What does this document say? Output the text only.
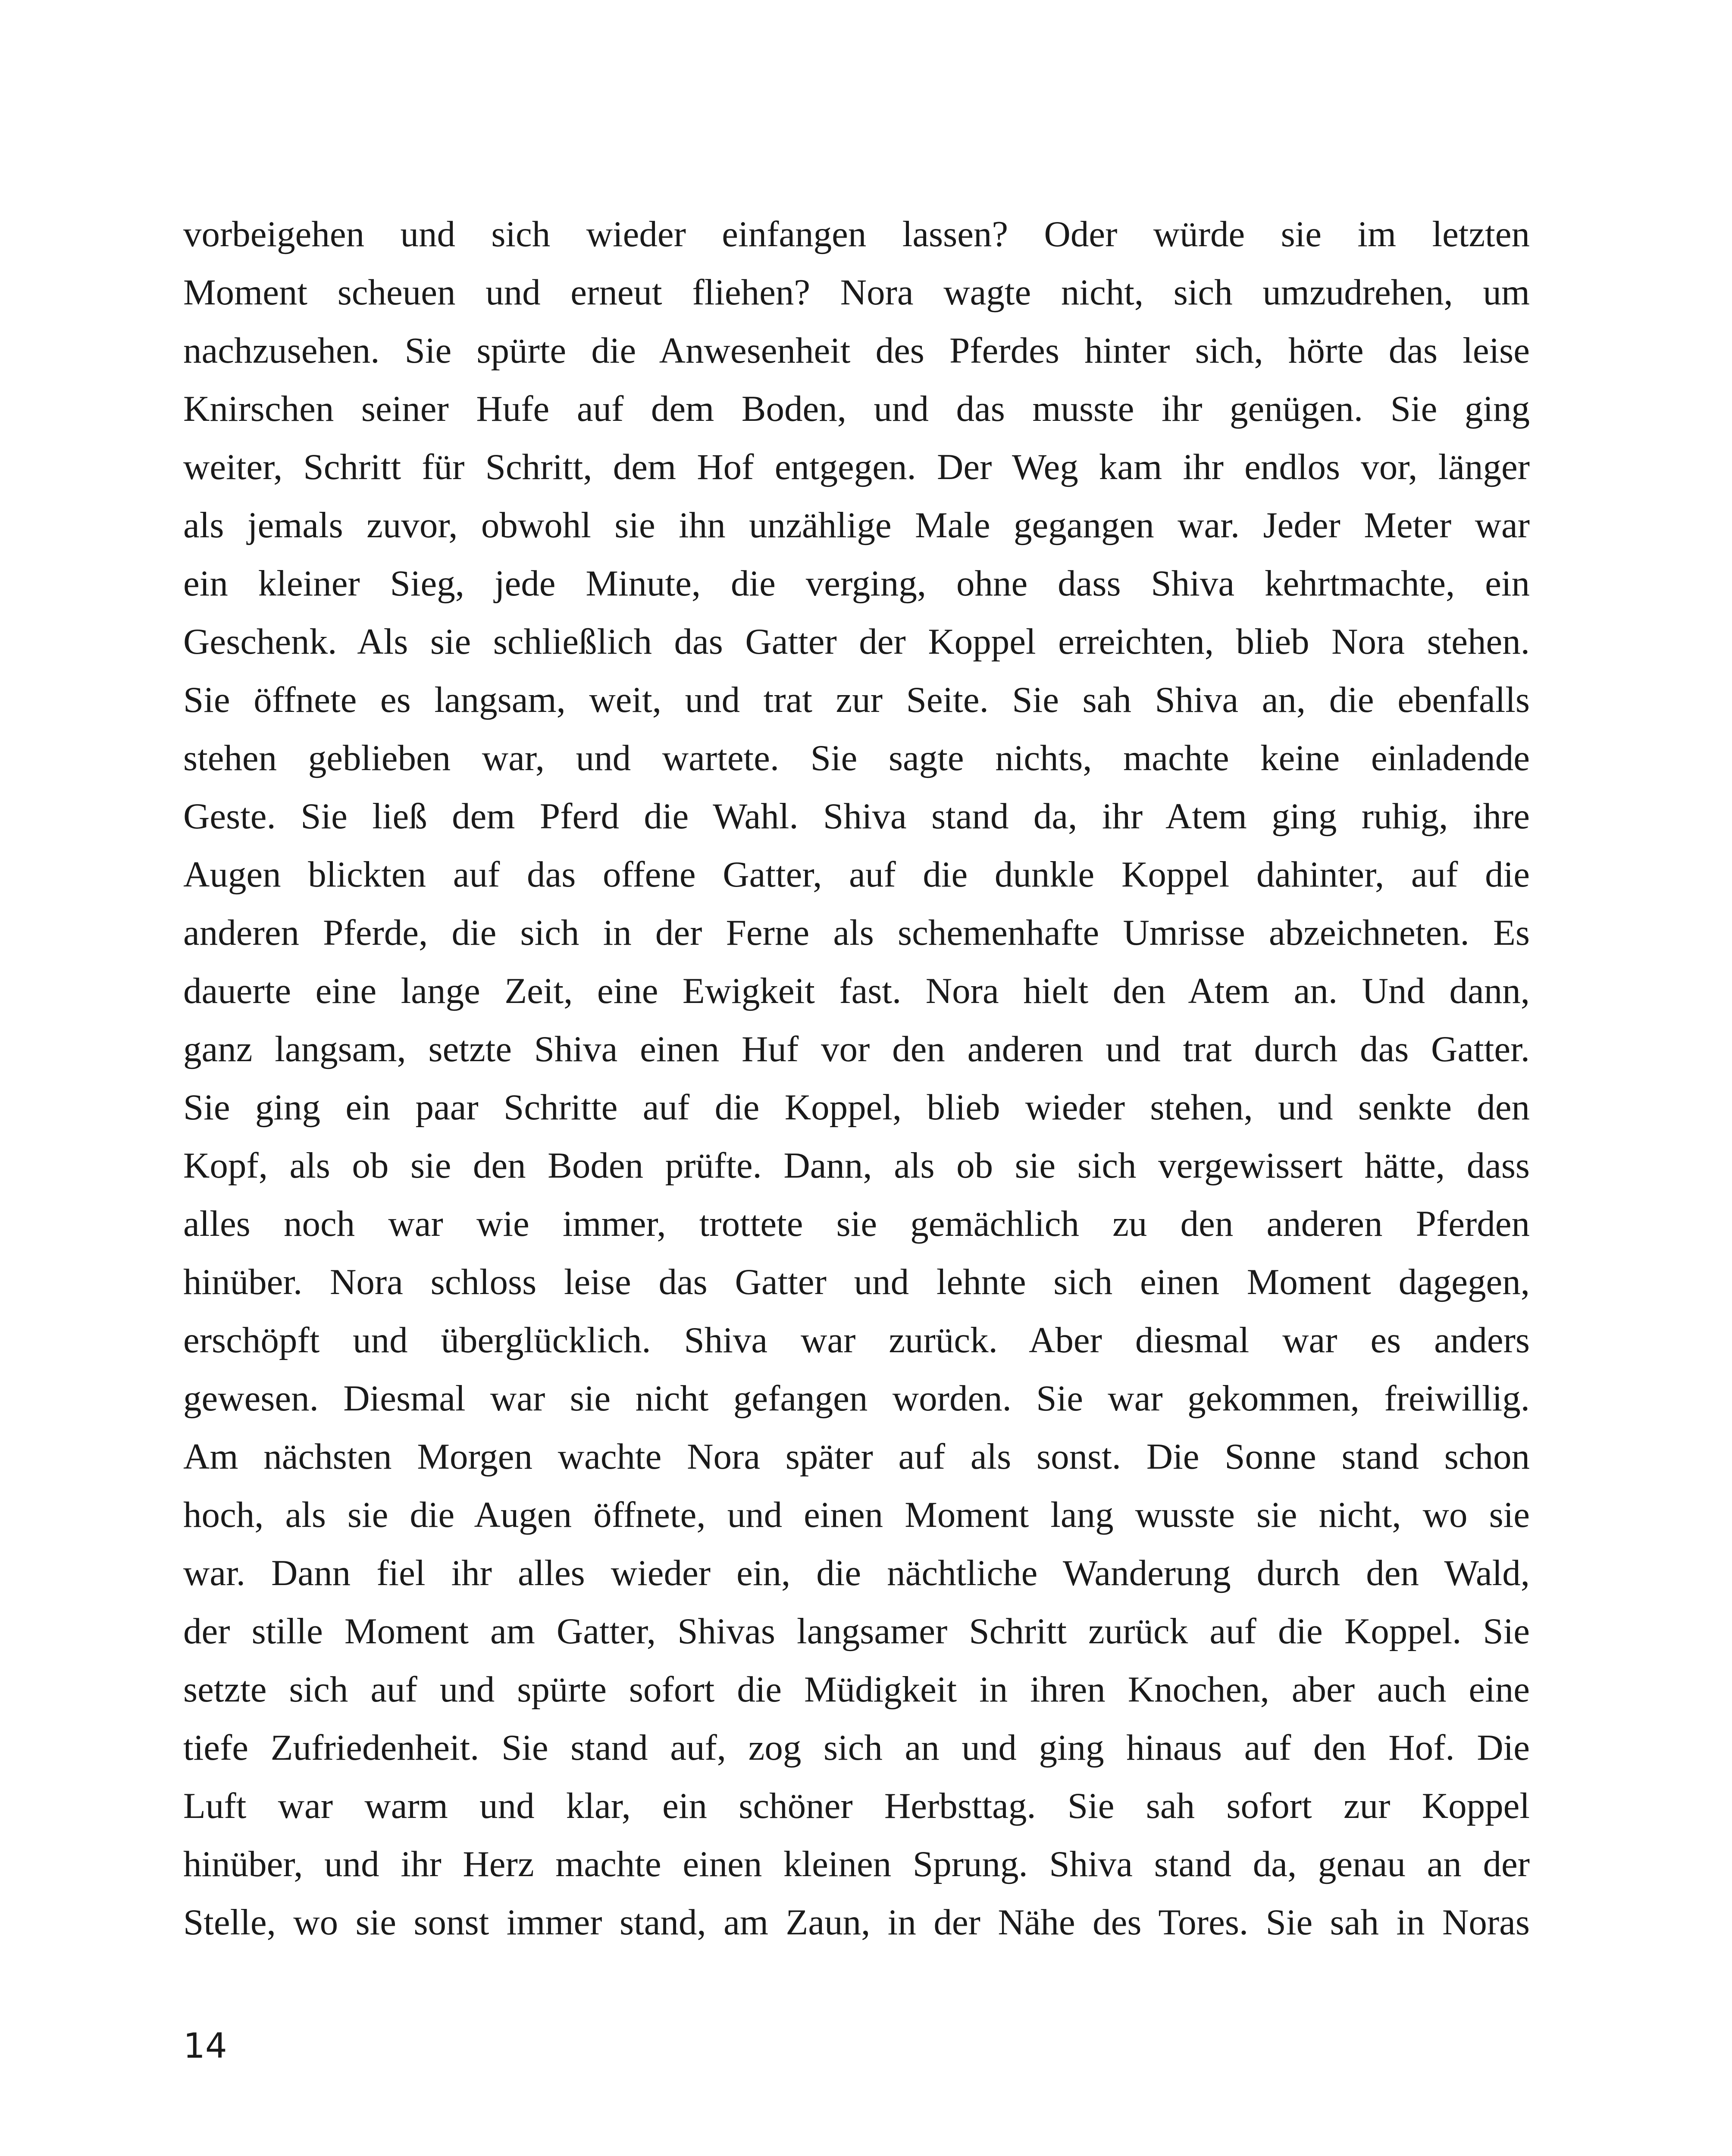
vorbeigehen und sich wieder einfangen lassen? Oder würde sie im letzten
Moment scheuen und erneut fliehen? Nora wagte nicht, sich umzudrehen, um
nachzusehen. Sie spürte die Anwesenheit des Pferdes hinter sich, hörte das leise
Knirschen seiner Hufe auf dem Boden, und das musste ihr genügen. Sie ging
weiter, Schritt für Schritt, dem Hof entgegen. Der Weg kam ihr endlos vor, länger
als jemals zuvor, obwohl sie ihn unzählige Male gegangen war. Jeder Meter war
ein kleiner Sieg, jede Minute, die verging, ohne dass Shiva kehrtmachte, ein
Geschenk. Als sie schließlich das Gatter der Koppel erreichten, blieb Nora stehen.
Sie öffnete es langsam, weit, und trat zur Seite. Sie sah Shiva an, die ebenfalls
stehen geblieben war, und wartete. Sie sagte nichts, machte keine einladende
Geste. Sie ließ dem Pferd die Wahl. Shiva stand da, ihr Atem ging ruhig, ihre
Augen blickten auf das offene Gatter, auf die dunkle Koppel dahinter, auf die
anderen Pferde, die sich in der Ferne als schemenhafte Umrisse abzeichneten. Es
dauerte eine lange Zeit, eine Ewigkeit fast. Nora hielt den Atem an. Und dann,
ganz langsam, setzte Shiva einen Huf vor den anderen und trat durch das Gatter.
Sie ging ein paar Schritte auf die Koppel, blieb wieder stehen, und senkte den
Kopf, als ob sie den Boden prüfte. Dann, als ob sie sich vergewissert hätte, dass
alles noch war wie immer, trottete sie gemächlich zu den anderen Pferden
hinüber. Nora schloss leise das Gatter und lehnte sich einen Moment dagegen,
erschöpft und überglücklich. Shiva war zurück. Aber diesmal war es anders
gewesen. Diesmal war sie nicht gefangen worden. Sie war gekommen, freiwillig.
Am nächsten Morgen wachte Nora später auf als sonst. Die Sonne stand schon
hoch, als sie die Augen öffnete, und einen Moment lang wusste sie nicht, wo sie
war. Dann fiel ihr alles wieder ein, die nächtliche Wanderung durch den Wald,
der stille Moment am Gatter, Shivas langsamer Schritt zurück auf die Koppel. Sie
setzte sich auf und spürte sofort die Müdigkeit in ihren Knochen, aber auch eine
tiefe Zufriedenheit. Sie stand auf, zog sich an und ging hinaus auf den Hof. Die
Luft war warm und klar, ein schöner Herbsttag. Sie sah sofort zur Koppel
hinüber, und ihr Herz machte einen kleinen Sprung. Shiva stand da, genau an der
Stelle, wo sie sonst immer stand, am Zaun, in der Nähe des Tores. Sie sah in Noras
14
